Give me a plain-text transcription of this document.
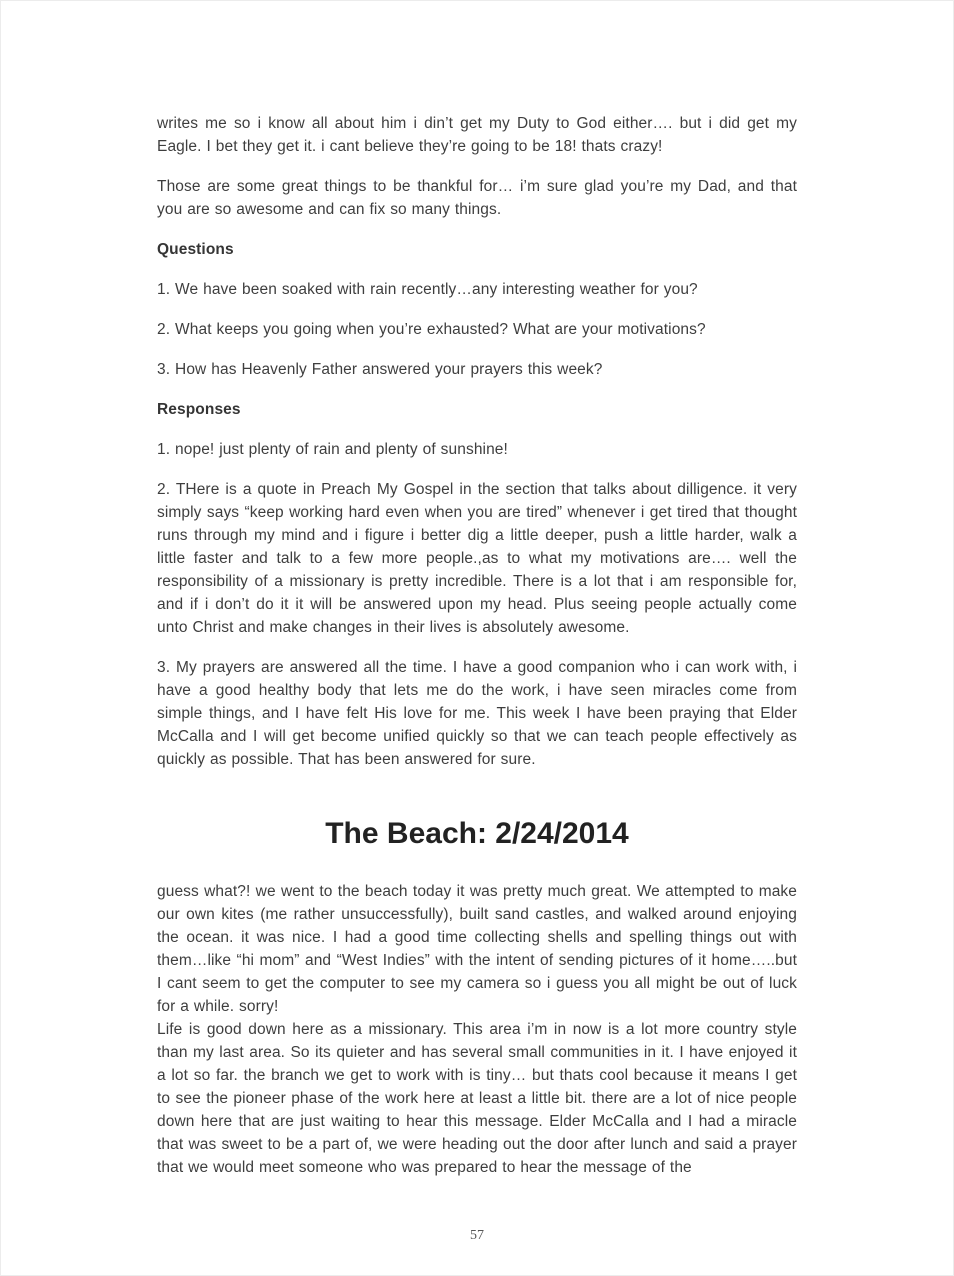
writes me so i know all about him i din’t get my Duty to God either…. but i did get my Eagle. I bet they get it. i cant believe they’re going to be 18! thats crazy!

Those are some great things to be thankful for… i’m sure glad you’re my Dad, and that you are so awesome and can fix so many things.

Questions

1. We have been soaked with rain recently…any interesting weather for you?

2. What keeps you going when you’re exhausted? What are your motivations?

3. How has Heavenly Father answered your prayers this week?

Responses

1. nope! just plenty of rain and plenty of sunshine!

2. THere is a quote in Preach My Gospel in the section that talks about dilligence. it very simply says “keep working hard even when you are tired” whenever i get tired that thought runs through my mind and i figure i better dig a little deeper, push a little harder, walk a little faster and talk to a few more people.,as to what my motivations are…. well the responsibility of a missionary is pretty incredible. There is a lot that i am responsible for, and if i don’t do it it will be answered upon my head. Plus seeing people actually come unto Christ and make changes in their lives is absolutely awesome.

3. My prayers are answered all the time. I have a good companion who i can work with, i have a good healthy body that lets me do the work, i have seen miracles come from simple things, and I have felt His love for me. This week I have been praying that Elder McCalla and I will get become unified quickly so that we can teach people effectively as quickly as possible. That has been answered for sure.

The Beach: 2/24/2014

guess what?! we went to the beach today it was pretty much great. We attempted to make our own kites (me rather unsuccessfully), built sand castles, and walked around enjoying the ocean. it was nice. I had a good time collecting shells and spelling things out with them…like “hi mom” and “West Indies” with the intent of sending pictures of it home…..but I cant seem to get the computer to see my camera so i guess you all might be out of luck for a while. sorry!

Life is good down here as a missionary. This area i’m in now is a lot more country style than my last area. So its quieter and has several small communities in it. I have enjoyed it a lot so far. the branch we get to work with is tiny… but thats cool because it means I get to see the pioneer phase of the work here at least a little bit. there are a lot of nice people down here that are just waiting to hear this message. Elder McCalla and I had a miracle that was sweet to be a part of, we were heading out the door after lunch and said a prayer that we would meet someone who was prepared to hear the message of the

57
